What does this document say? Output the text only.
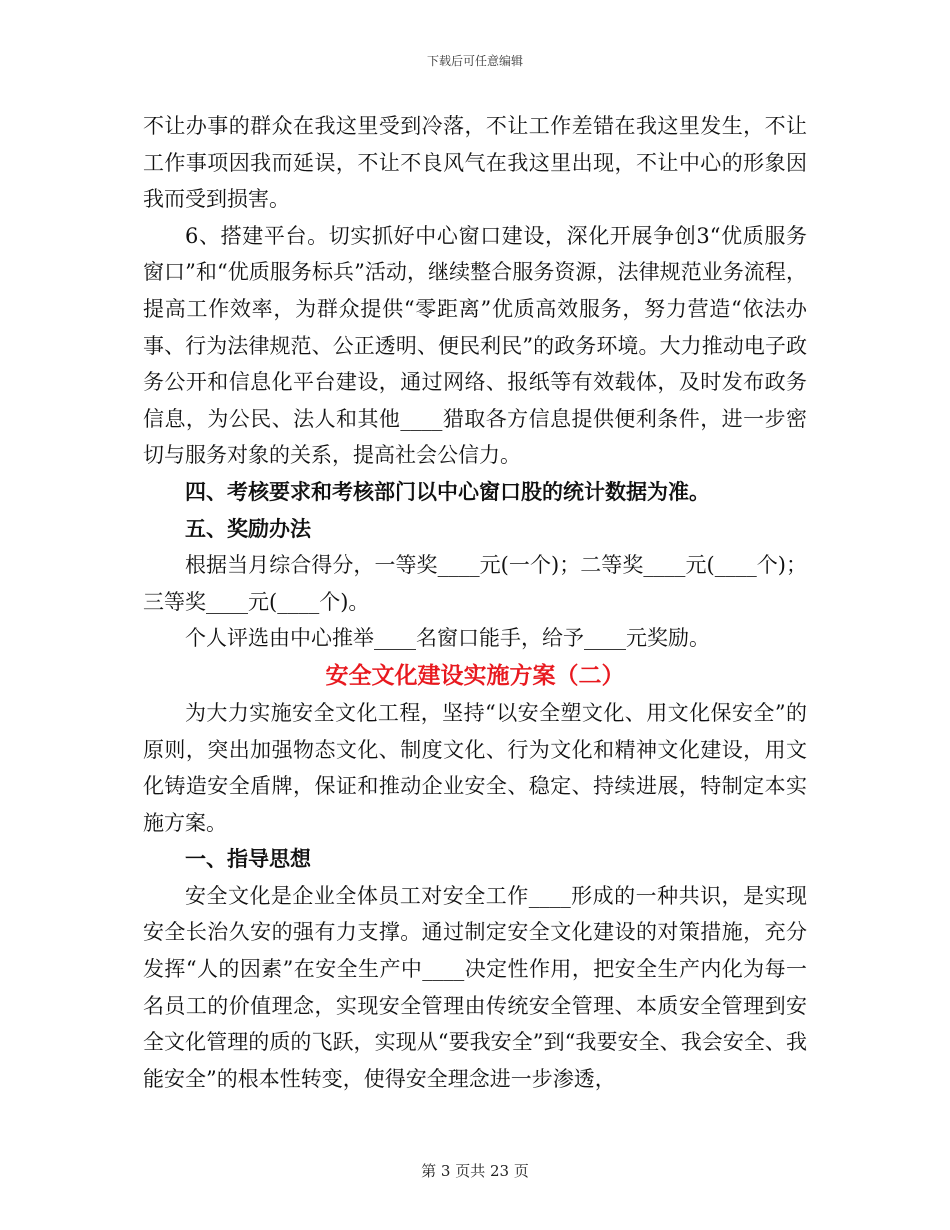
下载后可任意编辑

不让办事的群众在我这里受到冷落，不让工作差错在我这里发生，不让工作事项因我而延误，不让不良风气在我这里出现，不让中心的形象因我而受到损害。

6、搭建平台。切实抓好中心窗口建设，深化开展争创3“优质服务窗口”和“优质服务标兵”活动，继续整合服务资源，法律规范业务流程，提高工作效率，为群众提供“零距离”优质高效服务，努力营造“依法办事、行为法律规范、公正透明、便民利民”的政务环境。大力推动电子政务公开和信息化平台建设，通过网络、报纸等有效载体，及时发布政务信息，为公民、法人和其他____猎取各方信息提供便利条件，进一步密切与服务对象的关系，提高社会公信力。

四、考核要求和考核部门以中心窗口股的统计数据为准。

五、奖励办法

根据当月综合得分，一等奖____元(一个)；二等奖____元(____个)；三等奖____元(____个)。

个人评选由中心推举____名窗口能手，给予____元奖励。

安全文化建设实施方案（二）

为大力实施安全文化工程，坚持“以安全塑文化、用文化保安全”的原则，突出加强物态文化、制度文化、行为文化和精神文化建设，用文化铸造安全盾牌，保证和推动企业安全、稳定、持续进展，特制定本实施方案。

一、指导思想

安全文化是企业全体员工对安全工作____形成的一种共识，是实现安全长治久安的强有力支撑。通过制定安全文化建设的对策措施，充分发挥“人的因素”在安全生产中____决定性作用，把安全生产内化为每一名员工的价值理念，实现安全管理由传统安全管理、本质安全管理到安全文化管理的质的飞跃，实现从“要我安全”到“我要安全、我会安全、我能安全”的根本性转变，使得安全理念进一步渗透，

第 3 页共 23 页
